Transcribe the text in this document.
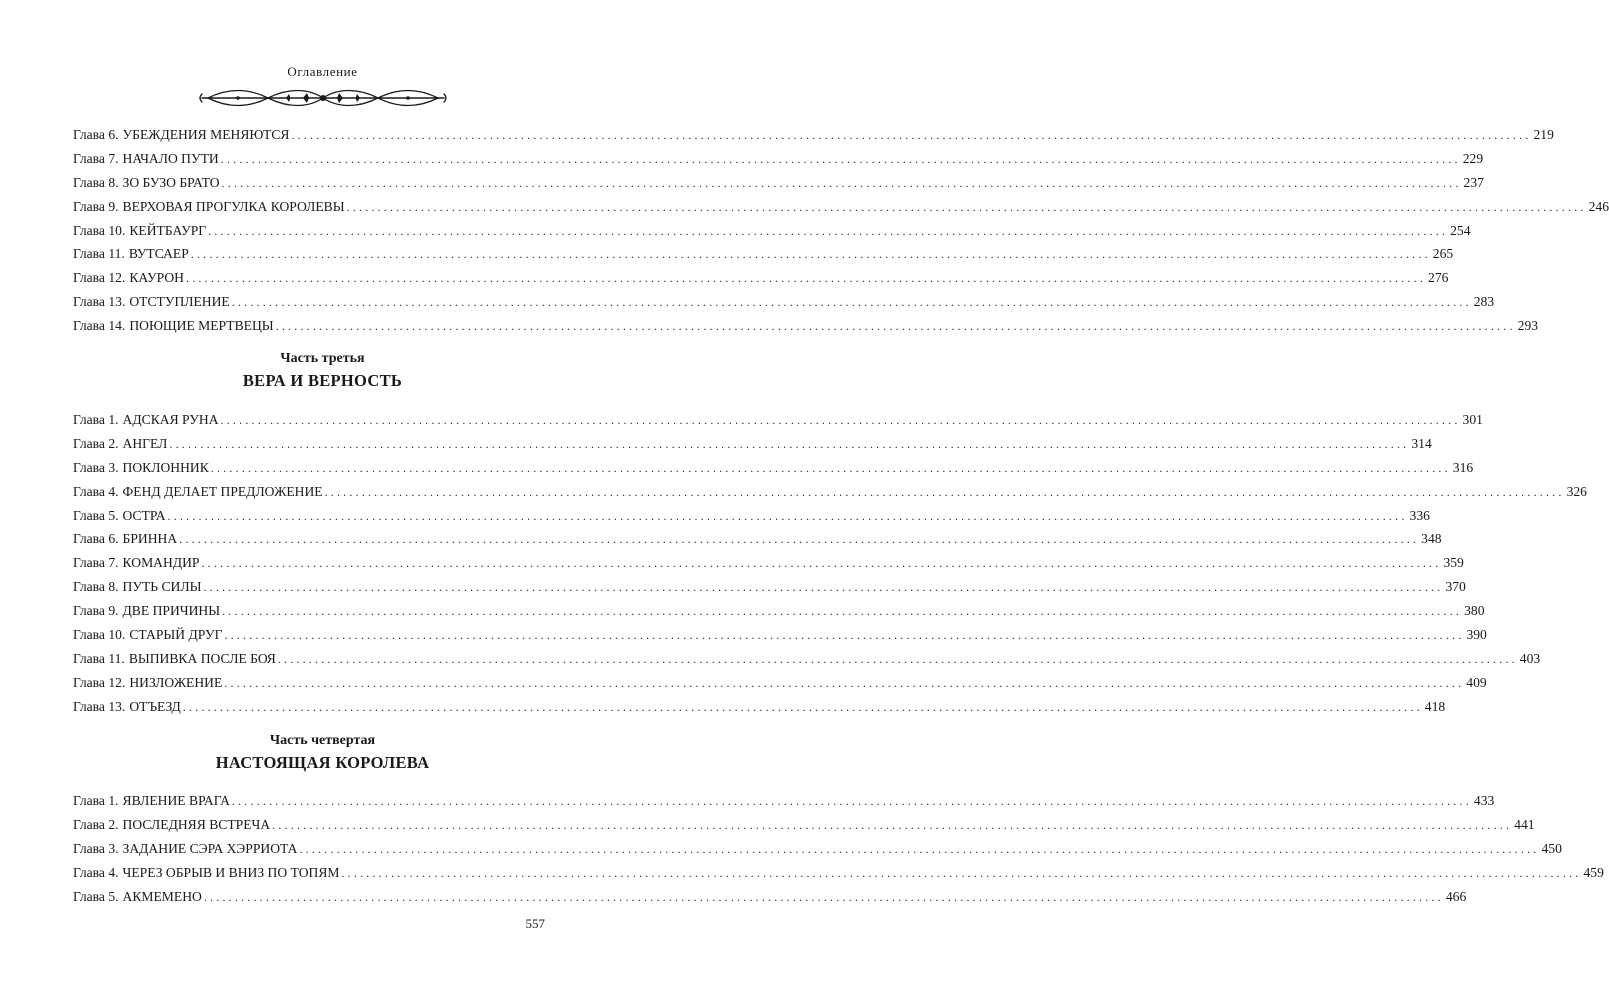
Оглавление
Глава 6. УБЕЖДЕНИЯ МЕНЯЮТСЯ ........................................................................................................................................................................................................ 219
Глава 7. НАЧАЛО ПУТИ ........................................................................................................................................................................................................ 229
Глава 8. ЗО БУЗО БРАТО ........................................................................................................................................................................................................ 237
Глава 9. ВЕРХОВАЯ ПРОГУЛКА КОРОЛЕВЫ ........................................................................................................................................................................................................ 246
Глава 10. КЕЙТБАУРГ ........................................................................................................................................................................................................ 254
Глава 11. ВУТСАЕР ........................................................................................................................................................................................................ 265
Глава 12. КАУРОН ........................................................................................................................................................................................................ 276
Глава 13. ОТСТУПЛЕНИЕ ........................................................................................................................................................................................................ 283
Глава 14. ПОЮЩИЕ МЕРТВЕЦЫ ........................................................................................................................................................................................................ 293
Часть третья
ВЕРА И ВЕРНОСТЬ
Глава 1. АДСКАЯ РУНА ........................................................................................................................................................................................................ 301
Глава 2. АНГЕЛ ........................................................................................................................................................................................................ 314
Глава 3. ПОКЛОННИК ........................................................................................................................................................................................................ 316
Глава 4. ФЕНД ДЕЛАЕТ ПРЕДЛОЖЕНИЕ ........................................................................................................................................................................................................ 326
Глава 5. ОСТРА ........................................................................................................................................................................................................ 336
Глава 6. БРИННА ........................................................................................................................................................................................................ 348
Глава 7. КОМАНДИР ........................................................................................................................................................................................................ 359
Глава 8. ПУТЬ СИЛЫ ........................................................................................................................................................................................................ 370
Глава 9. ДВЕ ПРИЧИНЫ ........................................................................................................................................................................................................ 380
Глава 10. СТАРЫЙ ДРУГ ........................................................................................................................................................................................................ 390
Глава 11. ВЫПИВКА ПОСЛЕ БОЯ ........................................................................................................................................................................................................ 403
Глава 12. НИЗЛОЖЕНИЕ ........................................................................................................................................................................................................ 409
Глава 13. ОТЪЕЗД ........................................................................................................................................................................................................ 418
Часть четвертая
НАСТОЯЩАЯ КОРОЛЕВА
Глава 1. ЯВЛЕНИЕ ВРАГА ........................................................................................................................................................................................................ 433
Глава 2. ПОСЛЕДНЯЯ ВСТРЕЧА ........................................................................................................................................................................................................ 441
Глава 3. ЗАДАНИЕ СЭРА ХЭРРИОТА ........................................................................................................................................................................................................ 450
Глава 4. ЧЕРЕЗ ОБРЫВ И ВНИЗ ПО ТОПЯМ ........................................................................................................................................................................................................ 459
Глава 5. АКМЕМЕНО ........................................................................................................................................................................................................ 466
557
